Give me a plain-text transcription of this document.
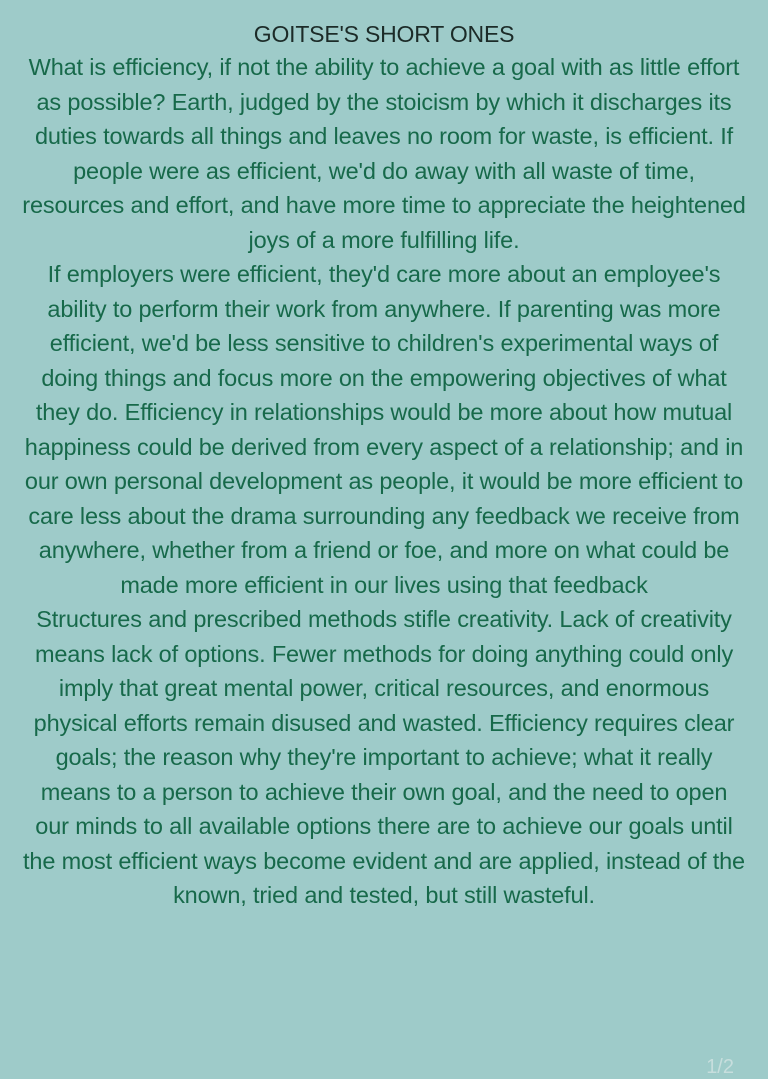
GOITSE'S SHORT ONES

What is efficiency, if not the ability to achieve a goal with as little effort as possible? Earth, judged by the stoicism by which it discharges its duties towards all things and leaves no room for waste, is efficient. If people were as efficient, we'd do away with all waste of time, resources and effort, and have more time to appreciate the heightened joys of a more fulfilling life.

If employers were efficient, they'd care more about an employee's ability to perform their work from anywhere. If parenting was more efficient, we'd be less sensitive to children's experimental ways of doing things and focus more on the empowering objectives of what they do. Efficiency in relationships would be more about how mutual happiness could be derived from every aspect of a relationship; and in our own personal development as people, it would be more efficient to care less about the drama surrounding any feedback we receive from anywhere, whether from a friend or foe, and more on what could be made more efficient in our lives using that feedback

Structures and prescribed methods stifle creativity. Lack of creativity means lack of options. Fewer methods for doing anything could only imply that great mental power, critical resources, and enormous physical efforts remain disused and wasted. Efficiency requires clear goals; the reason why they're important to achieve; what it really means to a person to achieve their own goal, and the need to open our minds to all available options there are to achieve our goals until the most efficient ways become evident and are applied, instead of the known, tried and tested, but still wasteful.

1/2
